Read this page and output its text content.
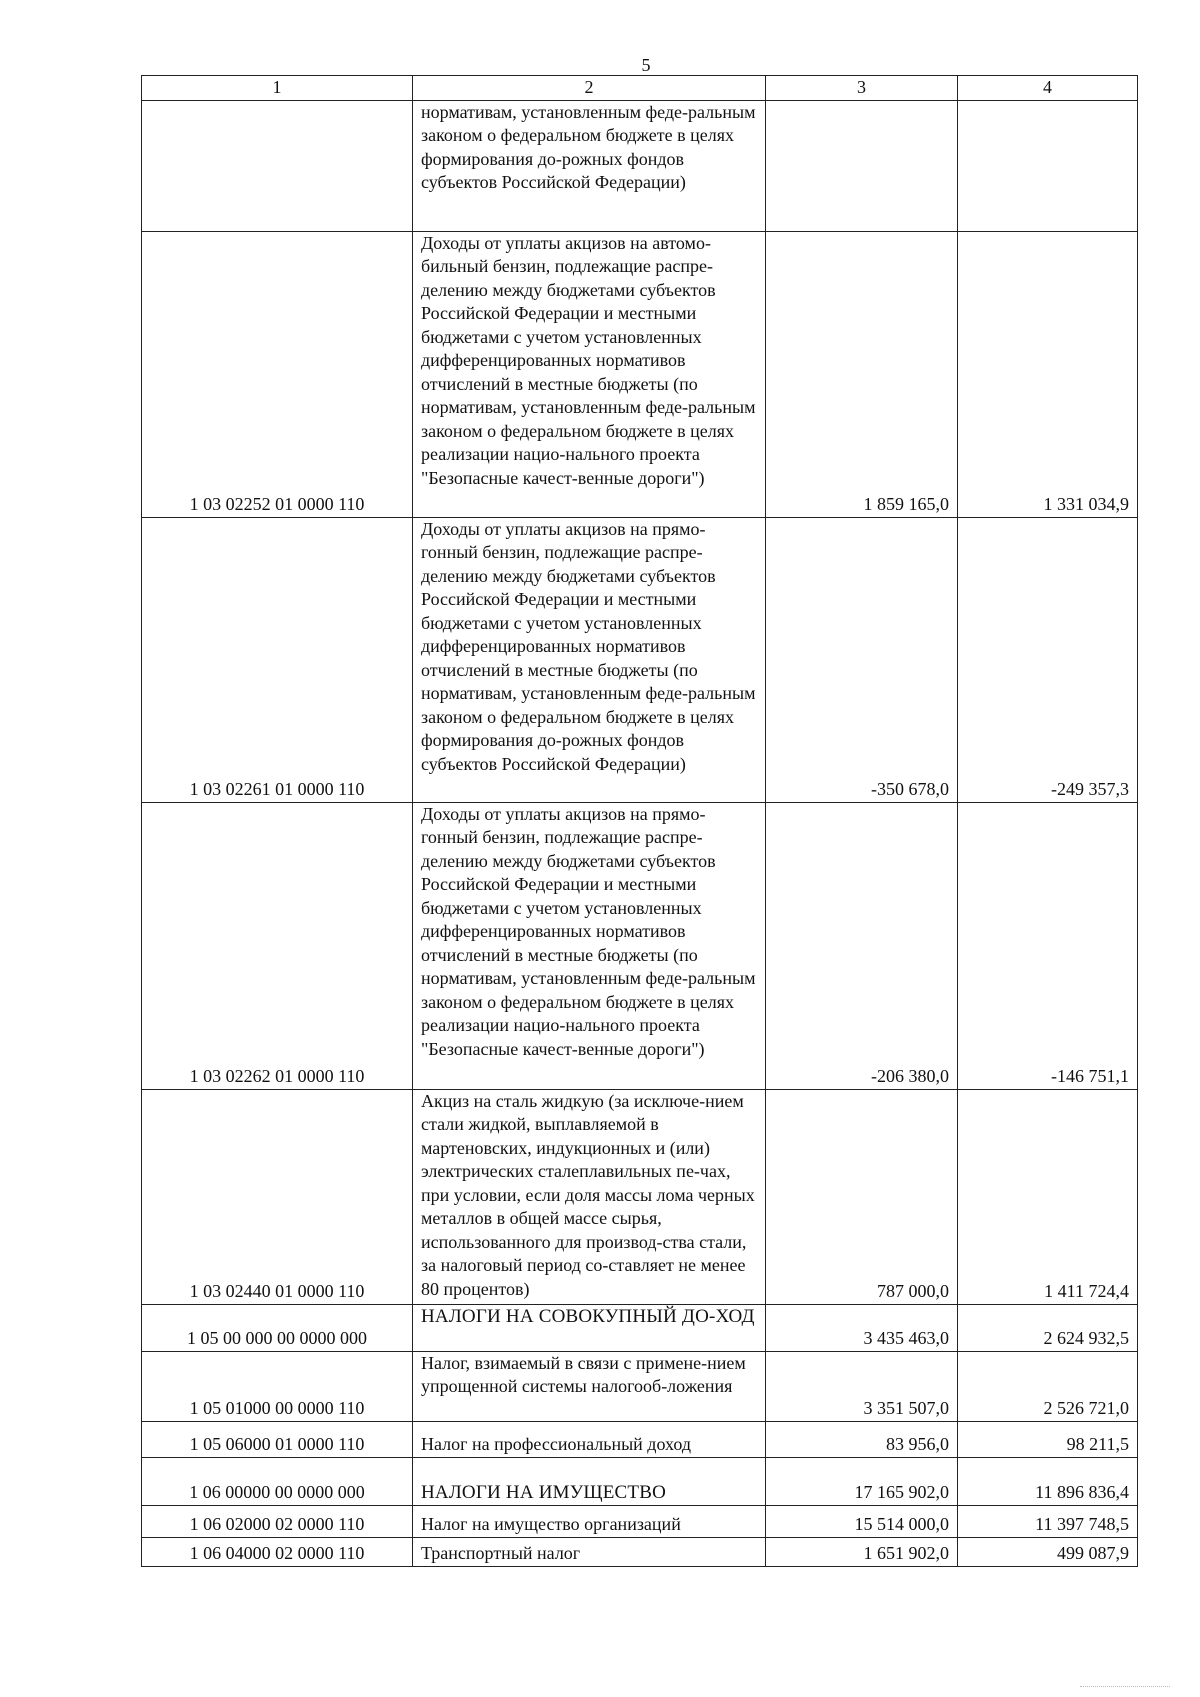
5
1	2	3	4
	нормативам, установленным феде-ральным законом о федеральном бюджете в целях формирования до-рожных фондов субъектов Российской Федерации)		
1 03 02252 01 0000 110	Доходы от уплаты акцизов на автомо-бильный бензин, подлежащие распре-делению между бюджетами субъектов Российской Федерации и местными бюджетами с учетом установленных дифференцированных нормативов отчислений в местные бюджеты (по нормативам, установленным феде-ральным законом о федеральном бюджете в целях реализации нацио-нального проекта "Безопасные качест-венные дороги")	1 859 165,0	1 331 034,9
1 03 02261 01 0000 110	Доходы от уплаты акцизов на прямо-гонный бензин, подлежащие распре-делению между бюджетами субъектов Российской Федерации и местными бюджетами с учетом установленных дифференцированных нормативов отчислений в местные бюджеты (по нормативам, установленным феде-ральным законом о федеральном бюджете в целях формирования до-рожных фондов субъектов Российской Федерации)	-350 678,0	-249 357,3
1 03 02262 01 0000 110	Доходы от уплаты акцизов на прямо-гонный бензин, подлежащие распре-делению между бюджетами субъектов Российской Федерации и местными бюджетами с учетом установленных дифференцированных нормативов отчислений в местные бюджеты (по нормативам, установленным феде-ральным законом о федеральном бюджете в целях реализации нацио-нального проекта "Безопасные качест-венные дороги")	-206 380,0	-146 751,1
1 03 02440 01 0000 110	Акциз на сталь жидкую (за исключе-нием стали жидкой, выплавляемой в мартеновских, индукционных и (или) электрических сталеплавильных пе-чах, при условии, если доля массы лома черных металлов в общей массе сырья, использованного для производ-ства стали, за налоговый период со-ставляет не менее 80 процентов)	787 000,0	1 411 724,4
1 05 00 000 00 0000 000	НАЛОГИ НА СОВОКУПНЫЙ ДО-ХОД	3 435 463,0	2 624 932,5
1 05 01000 00 0000 110	Налог, взимаемый в связи с примене-нием упрощенной системы налогооб-ложения	3 351 507,0	2 526 721,0
1 05 06000 01 0000 110	Налог на профессиональный доход	83 956,0	98 211,5
1 06 00000 00 0000 000	НАЛОГИ НА ИМУЩЕСТВО	17 165 902,0	11 896 836,4
1 06 02000 02 0000 110	Налог на имущество организаций	15 514 000,0	11 397 748,5
1 06 04000 02 0000 110	Транспортный налог	1 651 902,0	499 087,9
